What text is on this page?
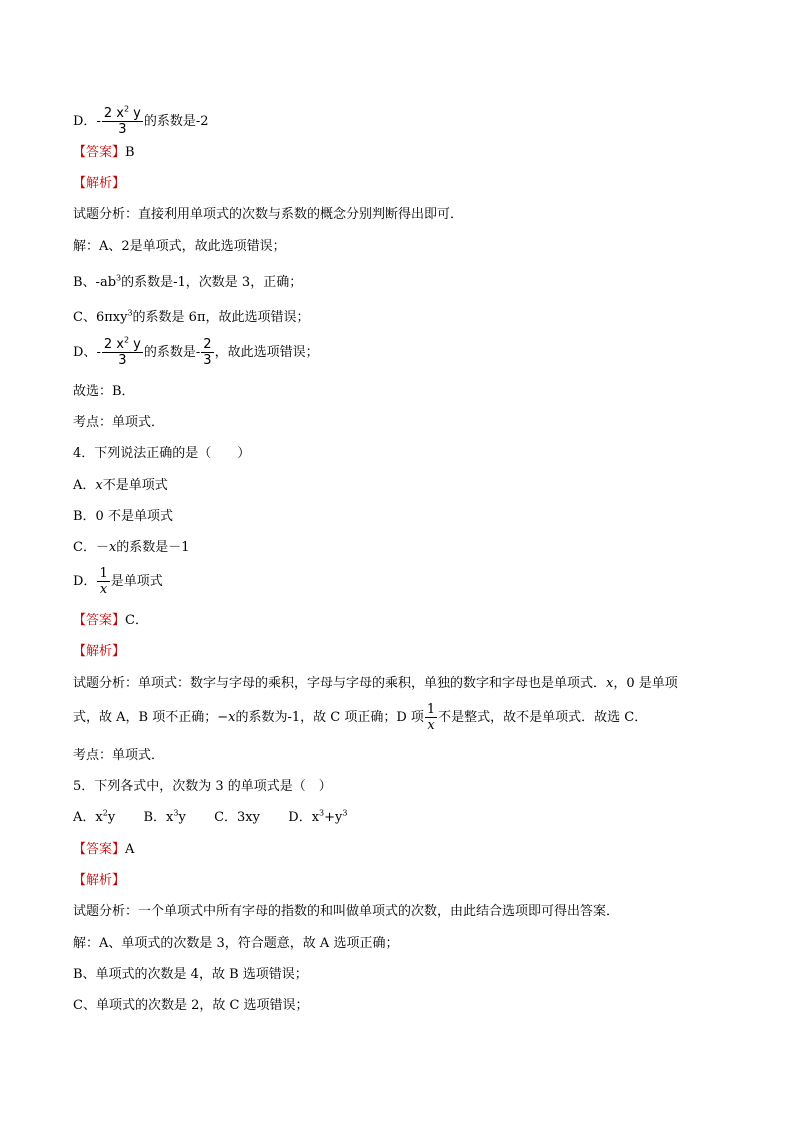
D．- $\frac{2 x^2 y}{3}$ 的系数是-2
【答案】B
【解析】
试题分析：直接利用单项式的次数与系数的概念分别判断得出即可．
解：A、2是单项式，故此选项错误；
B、$-ab^3$的系数是-1，次数是 3，正确；
C、6πxy$^3$的系数是 6π，故此选项错误；
D、- $\frac{2 x^2 y}{3}$ 的系数是- $\frac{2}{3}$ ，故此选项错误；
故选：B．
考点：单项式．
4．下列说法正确的是（　　）
A．x不是单项式
B．0 不是单项式
C．－x的系数是－1
D． $\frac{1}{x}$ 是单项式
【答案】C．
【解析】
试题分析：单项式：数字与字母的乘积，字母与字母的乘积，单独的数字和字母也是单项式．x，0 是单项
式，故 A，B 项不正确；−x的系数为-1，故 C 项正确；D 项 $\frac{1}{x}$ 不是整式，故不是单项式．故选 C．
考点：单项式．
5．下列各式中，次数为 3 的单项式是（　）
A．$x^2y$ B．$x^3y$ C．3xy D．$x^3+y^3$
【答案】A
【解析】
试题分析：一个单项式中所有字母的指数的和叫做单项式的次数，由此结合选项即可得出答案．
解：A、单项式的次数是 3，符合题意，故 A 选项正确；
B、单项式的次数是 4，故 B 选项错误；
C、单项式的次数是 2，故 C 选项错误；
